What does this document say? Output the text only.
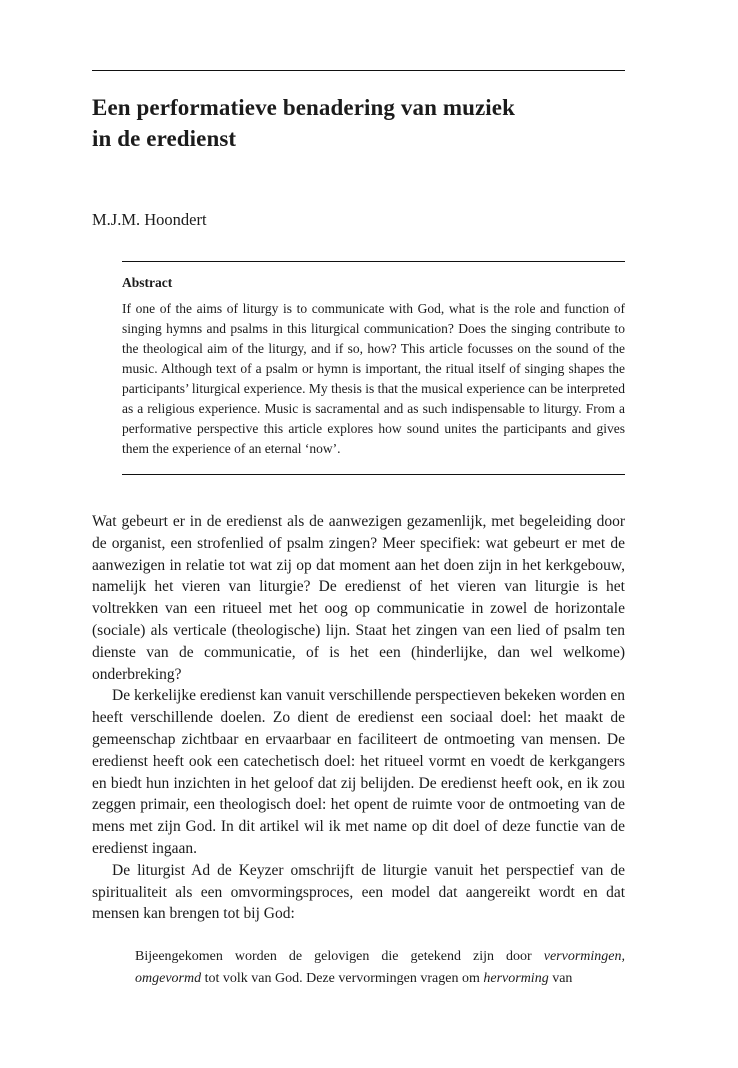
Een performatieve benadering van muziek
in de eredienst
M.J.M. Hoondert
Abstract

If one of the aims of liturgy is to communicate with God, what is the role and function of singing hymns and psalms in this liturgical communication? Does the singing contribute to the theological aim of the liturgy, and if so, how? This article focusses on the sound of the music. Although text of a psalm or hymn is important, the ritual itself of singing shapes the participants’ liturgical experience. My thesis is that the musical experience can be interpreted as a religious experience. Music is sacramental and as such indispensable to liturgy. From a performative perspective this article explores how sound unites the participants and gives them the experience of an eternal ‘now’.

Wat gebeurt er in de eredienst als de aanwezigen gezamenlijk, met begeleiding door de organist, een strofenlied of psalm zingen? Meer specifiek: wat gebeurt er met de aanwezigen in relatie tot wat zij op dat moment aan het doen zijn in het kerkgebouw, namelijk het vieren van liturgie? De eredienst of het vieren van liturgie is het voltrekken van een ritueel met het oog op communicatie in zowel de horizontale (sociale) als verticale (theologische) lijn. Staat het zingen van een lied of psalm ten dienste van de communicatie, of is het een (hinderlijke, dan wel welkome) onderbreking?

De kerkelijke eredienst kan vanuit verschillende perspectieven bekeken worden en heeft verschillende doelen. Zo dient de eredienst een sociaal doel: het maakt de gemeenschap zichtbaar en ervaarbaar en faciliteert de ontmoeting van mensen. De eredienst heeft ook een catechetisch doel: het ritueel vormt en voedt de kerkgangers en biedt hun inzichten in het geloof dat zij belijden. De eredienst heeft ook, en ik zou zeggen primair, een theologisch doel: het opent de ruimte voor de ontmoeting van de mens met zijn God. In dit artikel wil ik met name op dit doel of deze functie van de eredienst ingaan.

De liturgist Ad de Keyzer omschrijft de liturgie vanuit het perspectief van de spiritualiteit als een omvormingsproces, een model dat aangereikt wordt en dat mensen kan brengen tot bij God:

Bijeengekomen worden de gelovigen die getekend zijn door vervormingen, omgevormd tot volk van God. Deze vervormingen vragen om hervorming van
